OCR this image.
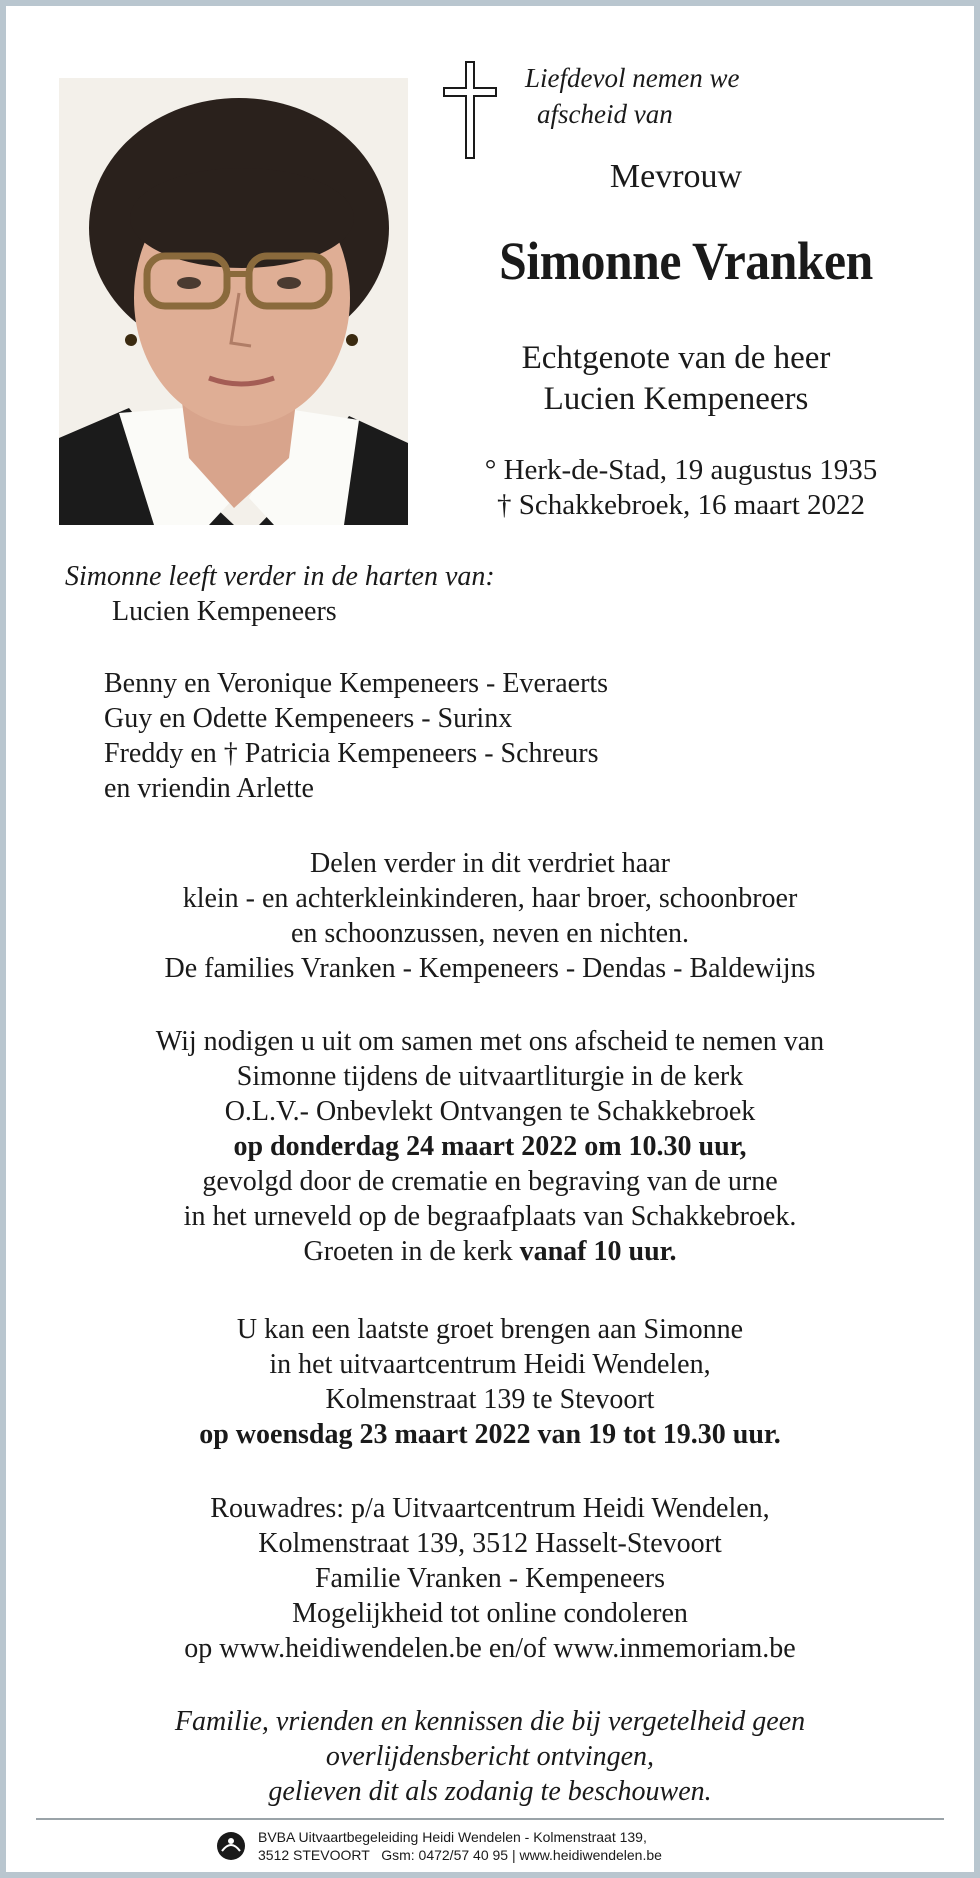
Liefdevol nemen we
afscheid van
Mevrouw
Simonne Vranken
Echtgenote van de heer
Lucien Kempeneers
° Herk-de-Stad, 19 augustus 1935
† Schakkebroek, 16 maart 2022
Simonne leeft verder in de harten van:
Lucien Kempeneers
Benny en Veronique Kempeneers - Everaerts
Guy en Odette Kempeneers - Surinx
Freddy en † Patricia Kempeneers - Schreurs
en vriendin Arlette
Delen verder in dit verdriet haar
klein - en achterkleinkinderen, haar broer, schoonbroer
en schoonzussen, neven en nichten.
De families Vranken - Kempeneers - Dendas - Baldewijns
Wij nodigen u uit om samen met ons afscheid te nemen van
Simonne tijdens de uitvaartliturgie in de kerk
O.L.V.- Onbevlekt Ontvangen te Schakkebroek
op donderdag 24 maart 2022 om 10.30 uur,
gevolgd door de crematie en begraving van de urne
in het urneveld op de begraafplaats van Schakkebroek.
Groeten in de kerk vanaf 10 uur.
U kan een laatste groet brengen aan Simonne
in het uitvaartcentrum Heidi Wendelen,
Kolmenstraat 139 te Stevoort
op woensdag 23 maart 2022 van 19 tot 19.30 uur.
Rouwadres: p/a Uitvaartcentrum Heidi Wendelen,
Kolmenstraat 139, 3512 Hasselt-Stevoort
Familie Vranken - Kempeneers
Mogelijkheid tot online condoleren
op www.heidiwendelen.be en/of www.inmemoriam.be
Familie, vrienden en kennissen die bij vergetelheid geen
overlijdensbericht ontvingen,
gelieven dit als zodanig te beschouwen.
BVBA Uitvaartbegeleiding Heidi Wendelen - Kolmenstraat 139,
3512 STEVOORT   Gsm: 0472/57 40 95 | www.heidiwendelen.be
